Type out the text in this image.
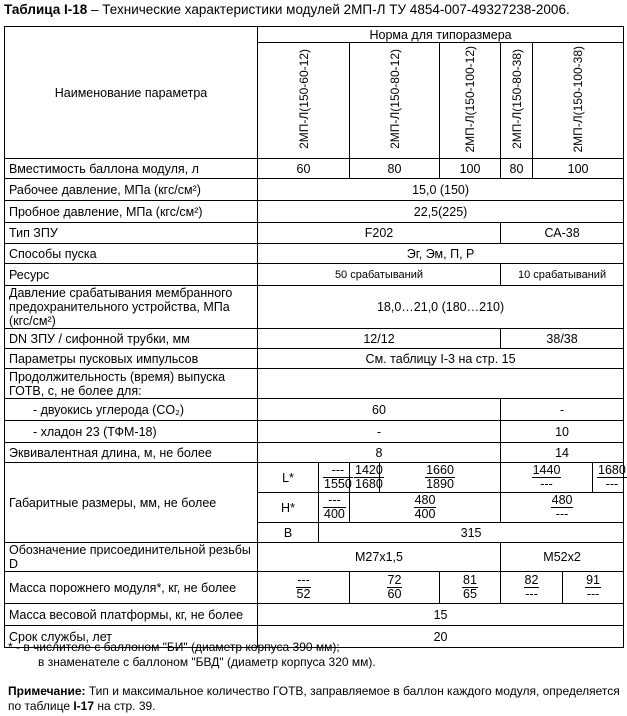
Таблица I-18 – Технические характеристики модулей 2МП-Л ТУ 4854-007-49327238-2006.
Наименование параметра	Норма для типоразмера								
	2МП-Л(150-60-12)		2МП-Л(150-80-12)		2МП-Л(150-100-12)	2МП-Л(150-80-38)	2МП-Л(150-100-38)		
Вместимость баллона модуля, л	60		80		100	80	100		
Рабочее давление, МПа (кгс/см²)	15,0 (150)								
Пробное давление, МПа (кгс/см²)	22,5(225)								
Тип ЗПУ	F202					СА-38			
Способы пуска	Эг, Эм, П, Р								
Ресурс	50 срабатываний					10 срабатываний			
Давление срабатывания мембранного предохранительного устройства, МПа (кгс/см²)	18,0…21,0 (180…210)								
DN ЗПУ / сифонной трубки, мм	12/12					38/38			
Параметры пусковых импульсов	См. таблицу I-3 на стр. 15								
Продолжительность (время) выпуска ГОТВ, с, не более для:									
- двуокись углерода (CO₂)	60					-			
- хладон 23 (ТФМ-18)	-					10			
Эквивалентная длина, м, не более	8					14			
Габаритные размеры, мм, не более	L*	$\frac{---}{1550}$	$\frac{1420}{1680}$	$\frac{1660}{1890}$		$\frac{1440}{---}$			$\frac{1680}{---}$

	H*	$\frac{---}{400}$	$\frac{480}{400}$			$\frac{480}{---}$

	B	315							
Обозначение присоединительной резьбы D	М27х1,5					М52х2			
Масса порожнего модуля*, кг, не более	$\frac{---}{52}$		$\frac{72}{60}$		$\frac{81}{65}$	$\frac{82}{---}$		$\frac{91}{---}$

Масса весовой платформы, кг, не более	15								
Срок службы, лет	20								
* - в числителе с баллоном "БИ" (диаметр корпуса 390 мм);
в знаменателе с баллоном "БВД" (диаметр корпуса 320 мм).
Примечание: Тип и максимальное количество ГОТВ, заправляемое в баллон каждого модуля, определяется по таблице I-17 на стр. 39.
